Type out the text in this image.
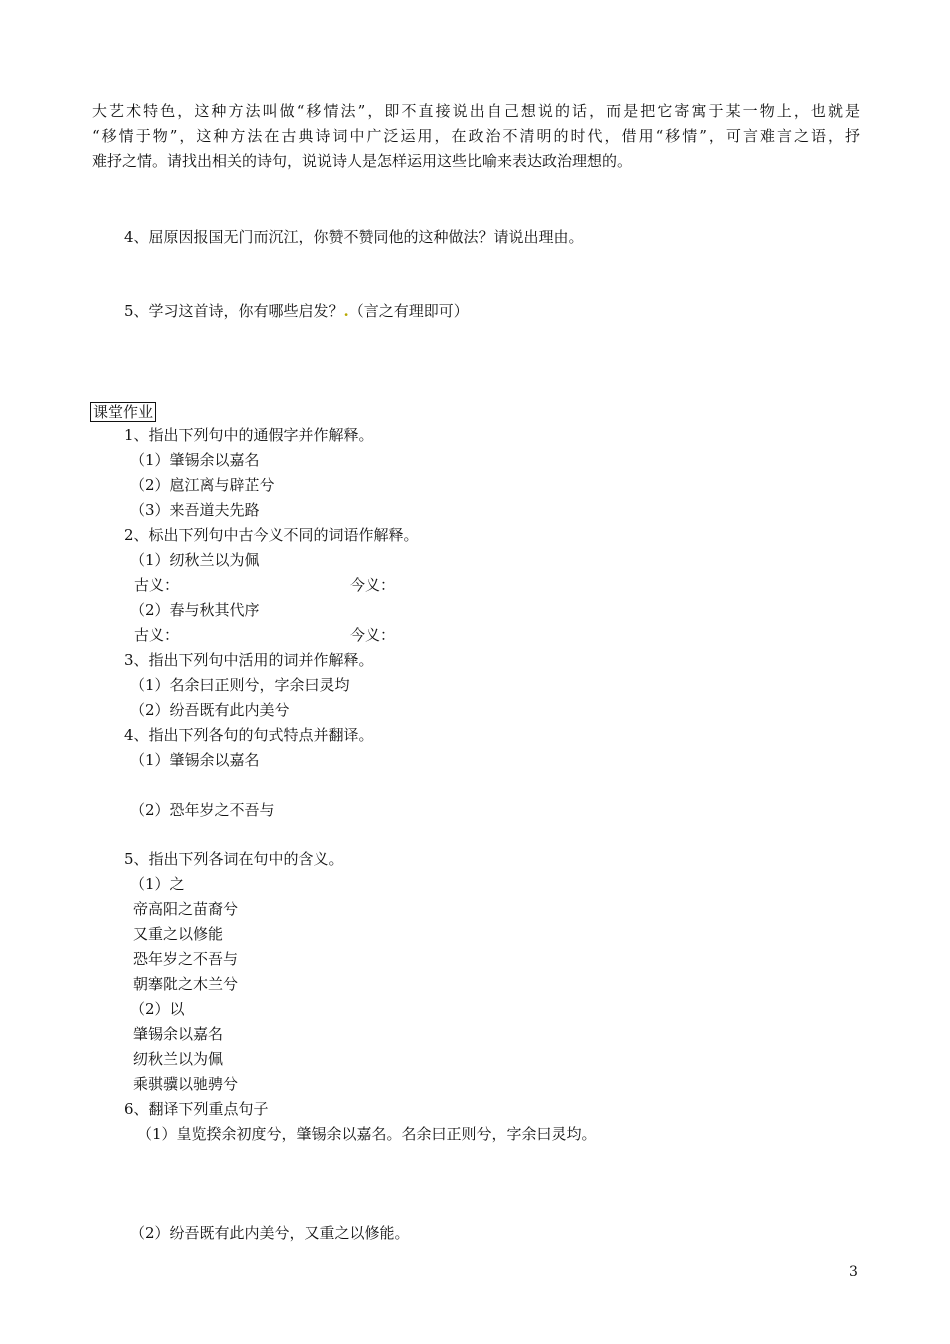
大艺术特色，这种方法叫做“移情法”，即不直接说出自己想说的话，而是把它寄寓于某一物上，也就是
“移情于物”，这种方法在古典诗词中广泛运用，在政治不清明的时代，借用“移情”，可言难言之语，抒
难抒之情。请找出相关的诗句，说说诗人是怎样运用这些比喻来表达政治理想的。
4、屈原因报国无门而沉江，你赞不赞同他的这种做法？请说出理由。
5、学习这首诗，你有哪些启发？.（言之有理即可）
课堂作业
1、指出下列句中的通假字并作解释。
（1）肇锡余以嘉名
（2）扈江离与辟芷兮
（3）来吾道夫先路
2、标出下列句中古今义不同的词语作解释。
（1）纫秋兰以为佩
古义：	今义：
（2）春与秋其代序
古义：	今义：
3、指出下列句中活用的词并作解释。
（1）名余曰正则兮，字余曰灵均
（2）纷吾既有此内美兮
4、指出下列各句的句式特点并翻译。
（1）肇锡余以嘉名
（2）恐年岁之不吾与
5、指出下列各词在句中的含义。
（1）之
帝高阳之苗裔兮
又重之以修能
恐年岁之不吾与
朝搴阰之木兰兮
（2）以
肇锡余以嘉名
纫秋兰以为佩
乘骐骥以驰骋兮
6、翻译下列重点句子
（1）皇览揆余初度兮，肇锡余以嘉名。名余曰正则兮，字余曰灵均。
（2）纷吾既有此内美兮，又重之以修能。
3
